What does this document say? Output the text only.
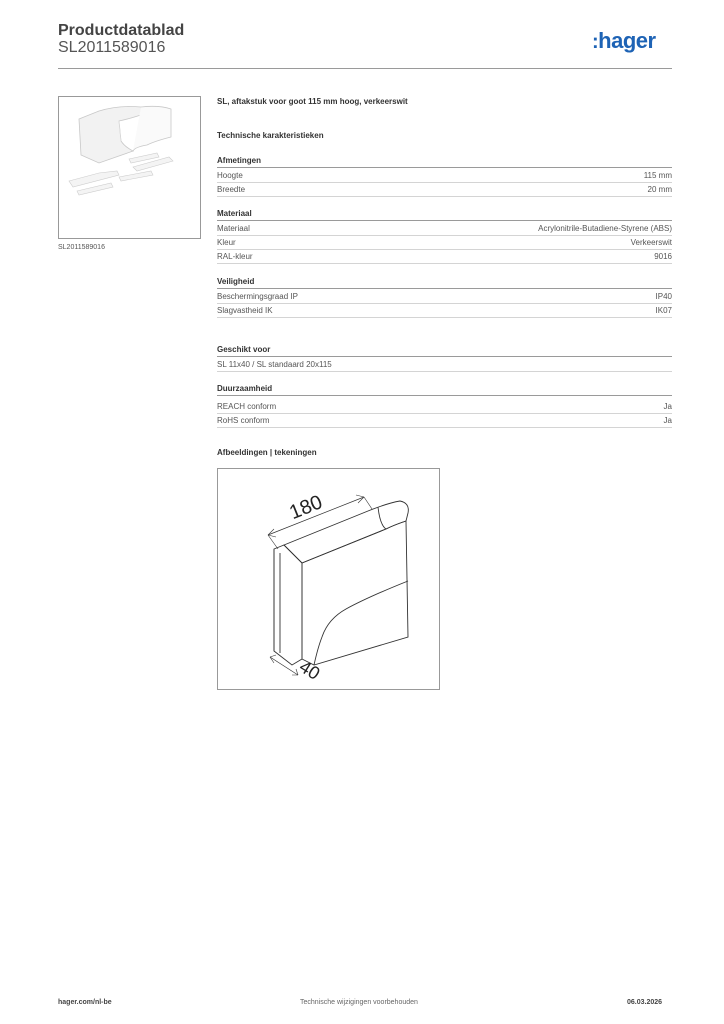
Productdatablad
SL2011589016	:hager
SL2011589016
SL, aftakstuk voor goot 115 mm hoog, verkeerswit
Technische karakteristieken
Afmetingen
Hoogte	115 mm
Breedte	20 mm
Materiaal
Materiaal	Acrylonitrile-Butadiene-Styrene (ABS)
Kleur	Verkeerswit
RAL-kleur	9016
Veiligheid
Beschermingsgraad IP	IP40
Slagvastheid IK	IK07
Geschikt voor
SL 11x40 / SL standaard 20x115
Duurzaamheid
REACH conform	Ja
RoHS conform	Ja
Afbeeldingen | tekeningen
180
40
hager.com/nl-be	Technische wijzigingen voorbehouden	06.03.2026
